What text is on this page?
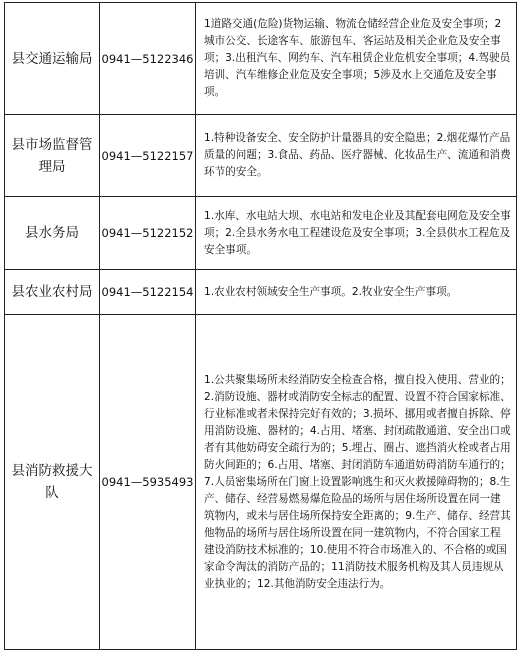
县交通运输局	0941—5122346	1道路交通(危险)货物运输、物流仓储经营企业危及安全事项；2城市公交、长途客车、旅游包车、客运站及相关企业危及安全事项；3.出租汽车、网约车、汽车租赁企业危机安全事项；4.驾驶员培训、汽车维修企业危及安全事项；5涉及水上交通危及安全事项。
县市场监督管理局	0941—5122157	1.特种设备安全、安全防护计量器具的安全隐患；2.烟花爆竹产品质量的问题；3.食品、药品、医疗器械、化妆品生产、流通和消费环节的安全。
县水务局	0941—5122152	1.水库、水电站大坝、水电站和发电企业及其配套电网危及安全事项；2.全县水务水电工程建设危及安全事项；3.全县供水工程危及安全事项。
县农业农村局	0941—5122154	1.农业农村领域安全生产事项。2.牧业安全生产事项。
县消防救援大队	0941—5935493	1.公共聚集场所未经消防安全检查合格，擅自投入使用、营业的；2.消防设施、器材或消防安全标志的配置、设置不符合国家标准、行业标准或者未保持完好有效的；3.损坏、挪用或者擅自拆除、停用消防设施、器材的；4.占用、堵塞、封闭疏散通道、安全出口或者有其他妨碍安全疏行为的；5.埋占、圈占、遮挡消火栓或者占用防火间距的；6.占用、堵塞、封闭消防车通道妨碍消防车通行的；7.人员密集场所在门窗上设置影响逃生和灭火救援障碍物的；8.生产、储存、经营易燃易爆危险品的场所与居住场所设置在同一建筑物内，或未与居住场所保持安全距离的；9.生产、储存、经营其他物品的场所与居住场所设置在同一建筑物内，不符合国家工程建设消防技术标准的；10.使用不符合市场准入的、不合格的或国家命令淘汰的消防产品的；11消防技术服务机构及其人员违规从业执业的；12.其他消防安全违法行为。
